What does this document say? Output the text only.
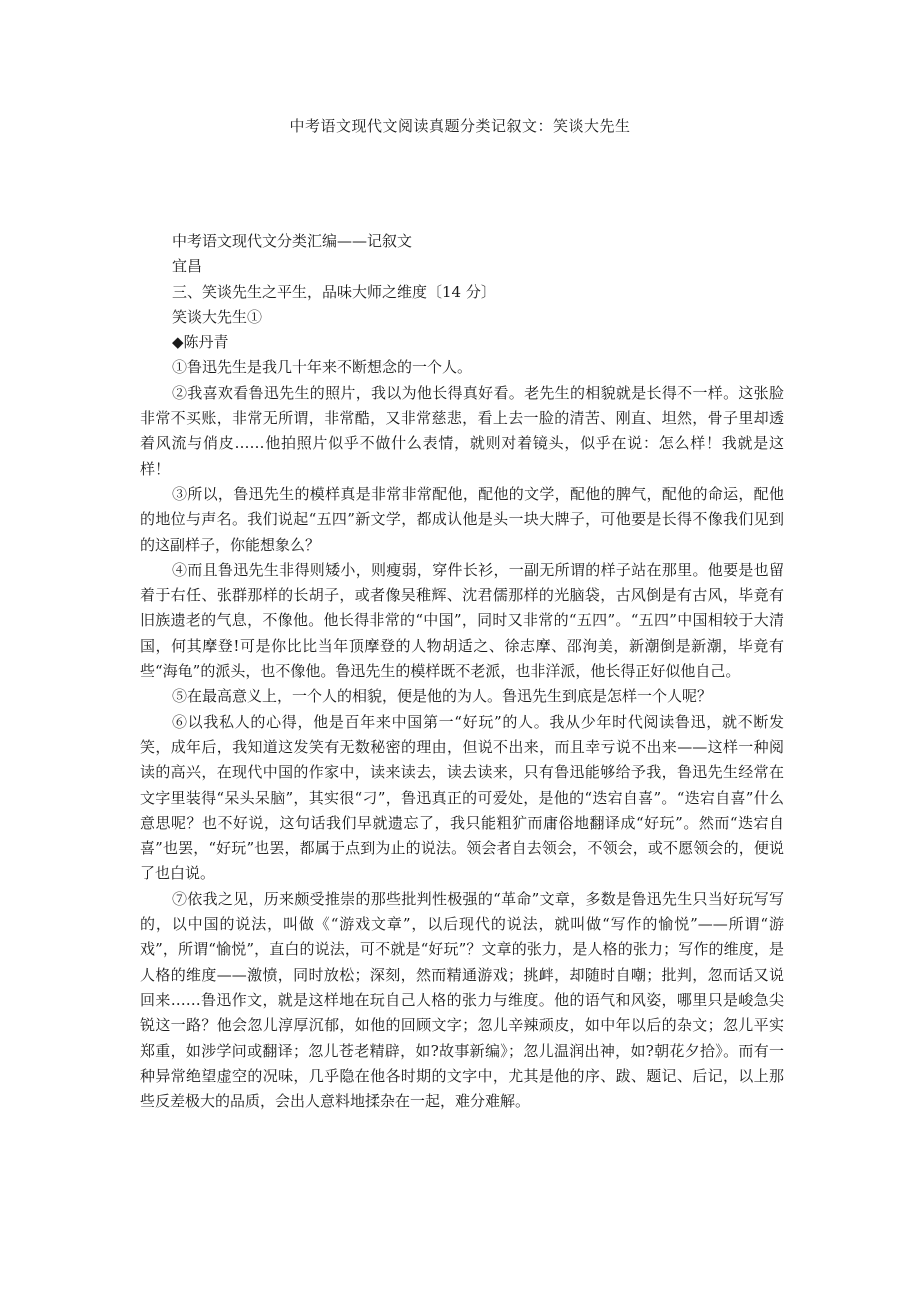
中考语文现代文阅读真题分类记叙文：笑谈大先生
中考语文现代文分类汇编——记叙文
宜昌
三、笑谈先生之平生，品味大师之维度〔14 分〕
笑谈大先生①
◆陈丹青

①鲁迅先生是我几十年来不断想念的一个人。

②我喜欢看鲁迅先生的照片，我以为他长得真好看。老先生的相貌就是长得不一样。这张脸非常不买账，非常无所谓，非常酷，又非常慈悲，看上去一脸的清苦、刚直、坦然，骨子里却透着风流与俏皮……他拍照片似乎不做什么表情，就则对着镜头，似乎在说：怎么样！我就是这样！

③所以，鲁迅先生的模样真是非常非常配他，配他的文学，配他的脾气，配他的命运，配他的地位与声名。我们说起“五四”新文学，都成认他是头一块大牌子，可他要是长得不像我们见到的这副样子，你能想象么？

④而且鲁迅先生非得则矮小，则瘦弱，穿件长衫，一副无所谓的样子站在那里。他要是也留着于右任、张群那样的长胡子，或者像吴稚辉、沈君儒那样的光脑袋，古风倒是有古风，毕竟有旧族遗老的气息，不像他。他长得非常的“中国”，同时又非常的“五四”。“五四”中国相较于大清国，何其摩登!可是你比比当年顶摩登的人物胡适之、徐志摩、邵洵美，新潮倒是新潮，毕竟有些“海龟”的派头，也不像他。鲁迅先生的模样既不老派，也非洋派，他长得正好似他自己。

⑤在最高意义上，一个人的相貌，便是他的为人。鲁迅先生到底是怎样一个人呢？

⑥以我私人的心得，他是百年来中国第一“好玩”的人。我从少年时代阅读鲁迅，就不断发笑，成年后，我知道这发笑有无数秘密的理由，但说不出来，而且幸亏说不出来——这样一种阅读的高兴，在现代中国的作家中，读来读去，读去读来，只有鲁迅能够给予我，鲁迅先生经常在文字里装得“呆头呆脑”，其实很“刁”，鲁迅真正的可爱处，是他的“迭宕自喜”。“迭宕自喜”什么意思呢？也不好说，这句话我们早就遗忘了，我只能粗犷而庸俗地翻译成“好玩”。然而“迭宕自喜”也罢，“好玩”也罢，都属于点到为止的说法。领会者自去领会，不领会，或不愿领会的，便说了也白说。

⑦依我之见，历来颇受推崇的那些批判性极强的“革命”文章，多数是鲁迅先生只当好玩写写的，以中国的说法，叫做《“游戏文章”，以后现代的说法，就叫做“写作的愉悦”——所谓“游戏”，所谓“愉悦”，直白的说法，可不就是“好玩”？文章的张力，是人格的张力；写作的维度，是人格的维度——激愤，同时放松；深刻，然而精通游戏；挑衅，却随时自嘲；批判，忽而话又说回来……鲁迅作文，就是这样地在玩自己人格的张力与维度。他的语气和风姿，哪里只是峻急尖锐这一路？他会忽儿淳厚沉郁，如他的回顾文字；忽儿辛辣顽皮，如中年以后的杂文；忽儿平实郑重，如涉学问或翻译；忽儿苍老精辟，如?故事新编》；忽儿温润出神，如?朝花夕拾》。而有一种异常绝望虚空的况味，几乎隐在他各时期的文字中，尤其是他的序、跋、题记、后记，以上那些反差极大的品质，会出人意料地揉杂在一起，难分难解。
